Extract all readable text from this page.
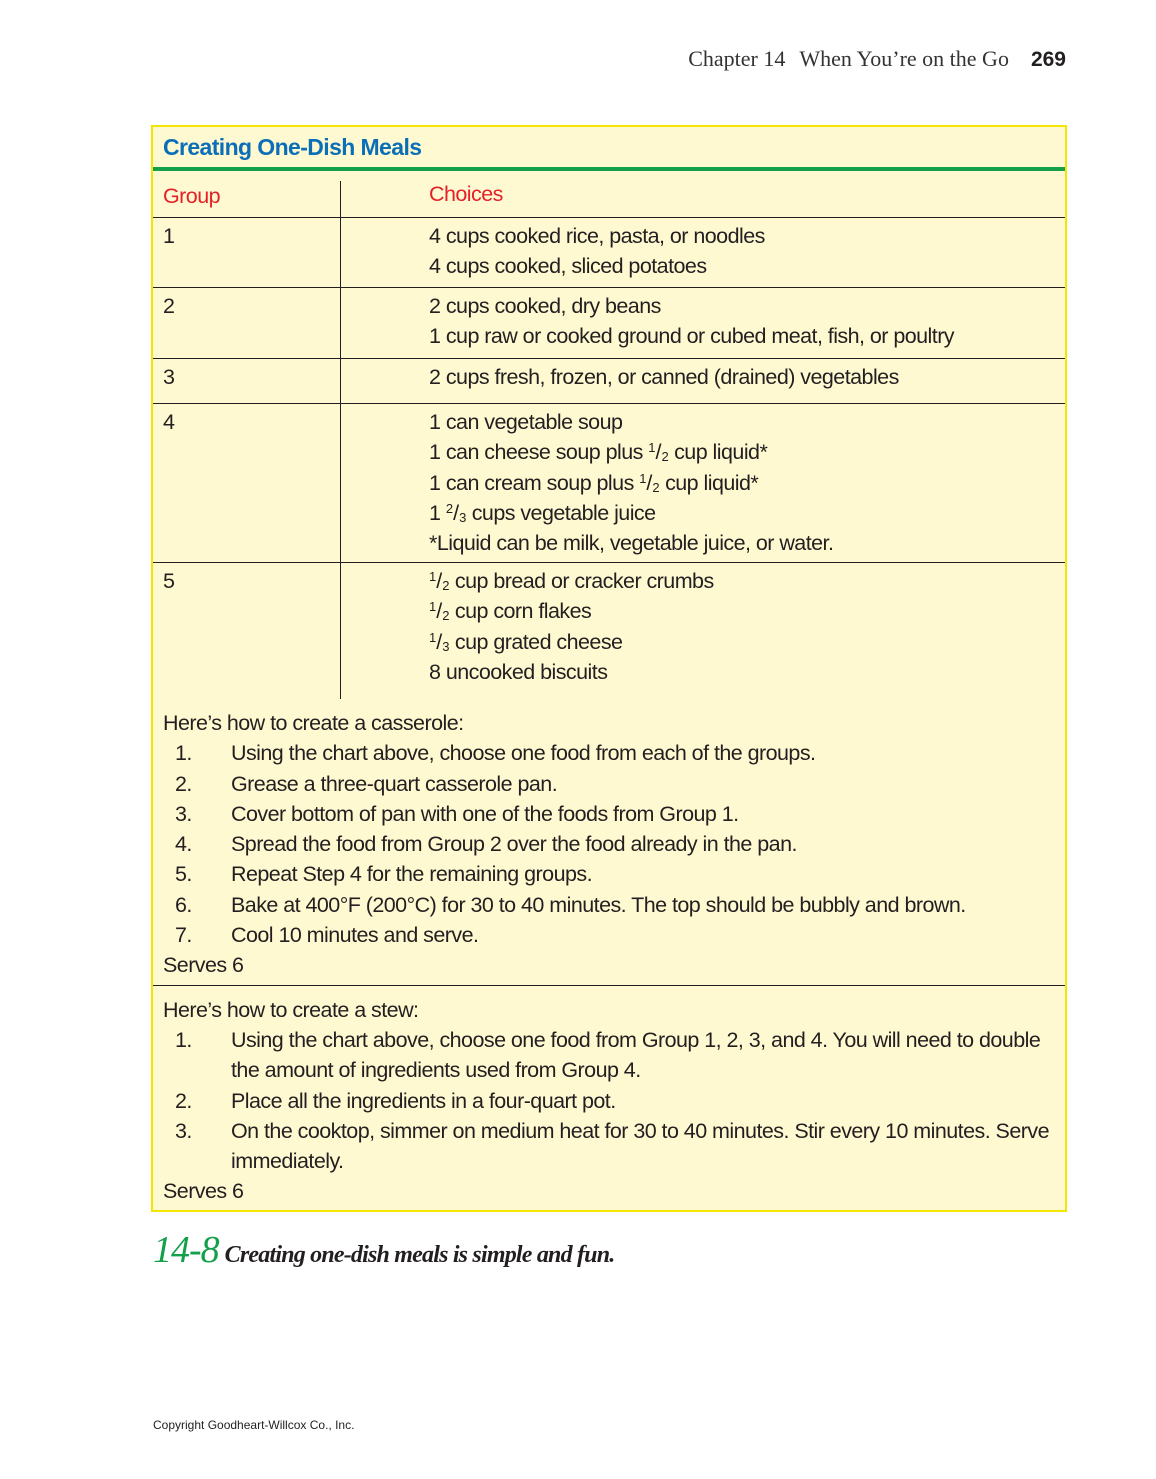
Chapter 14 When You’re on the Go 269
Creating One-Dish Meals
Group	Choices
1	4 cups cooked rice, pasta, or noodles
4 cups cooked, sliced potatoes
2	2 cups cooked, dry beans
1 cup raw or cooked ground or cubed meat, fish, or poultry
3	2 cups fresh, frozen, or canned (drained) vegetables
4	1 can vegetable soup
1 can cheese soup plus $^1/_2$ cup liquid*
1 can cream soup plus $^1/_2$ cup liquid*
1 $^2/_3$ cups vegetable juice
*Liquid can be milk, vegetable juice, or water.
5	$^1/_2$ cup bread or cracker crumbs
$^1/_2$ cup corn flakes
$^1/_3$ cup grated cheese
8 uncooked biscuits
Here’s how to create a casserole:
1.	Using the chart above, choose one food from each of the groups.
2.	Grease a three-quart casserole pan.
3.	Cover bottom of pan with one of the foods from Group 1.
4.	Spread the food from Group 2 over the food already in the pan.
5.	Repeat Step 4 for the remaining groups.
6.	Bake at 400°F (200°C) for 30 to 40 minutes. The top should be bubbly and brown.
7.	Cool 10 minutes and serve.
Serves 6
Here’s how to create a stew:
1.	Using the chart above, choose one food from Group 1, 2, 3, and 4. You will need to double the amount of ingredients used from Group 4.
2.	Place all the ingredients in a four-quart pot.
3.	On the cooktop, simmer on medium heat for 30 to 40 minutes. Stir every 10 minutes. Serve immediately.
Serves 6
14-8 Creating one-dish meals is simple and fun.
Copyright Goodheart-Willcox Co., Inc.
